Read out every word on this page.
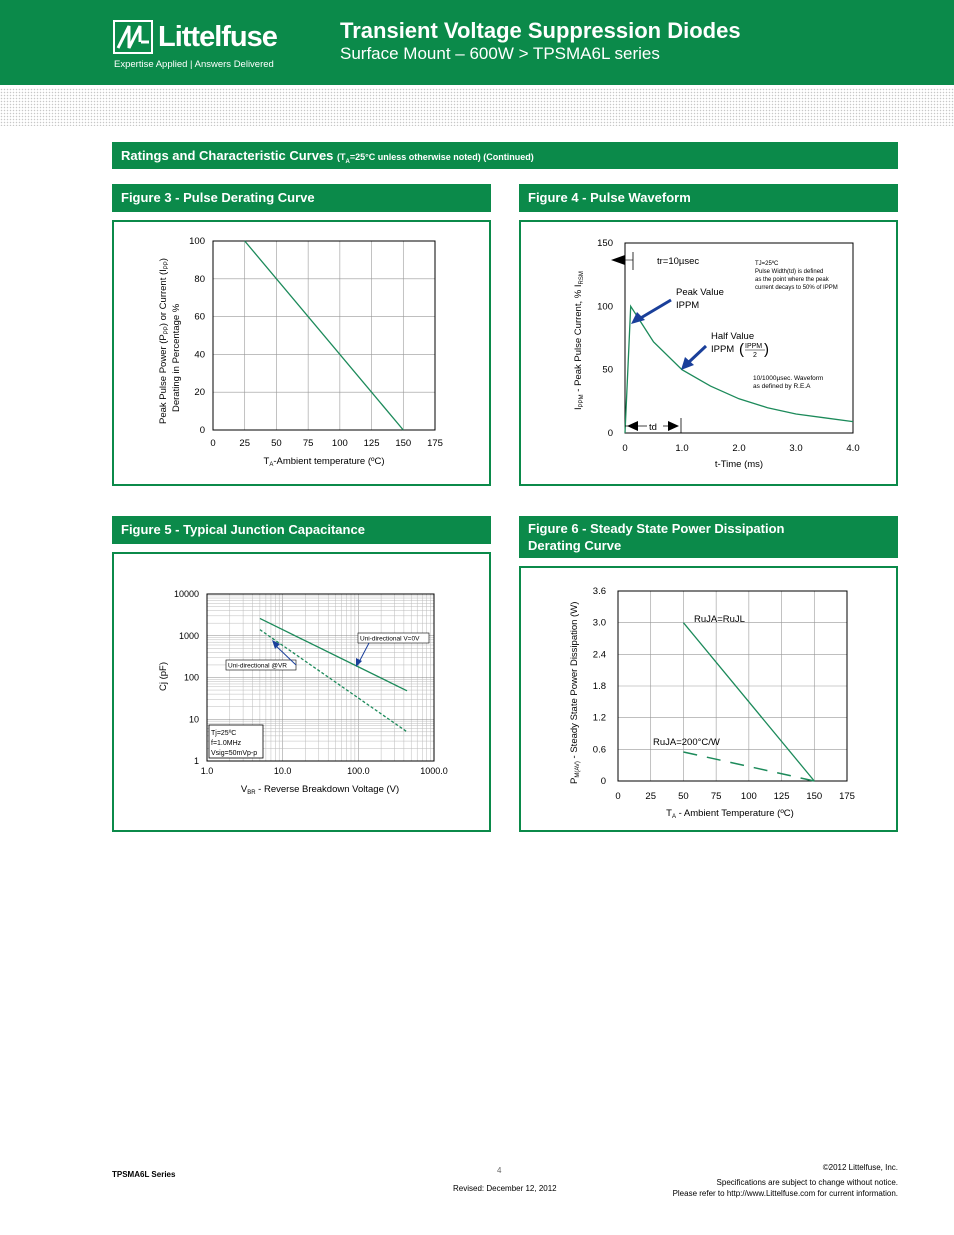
Littelfuse
Expertise Applied | Answers Delivered
Transient Voltage Suppression Diodes
Surface Mount – 600W > TPSMA6L series
Ratings and Characteristic Curves ($T_A=25^\circ C$ unless otherwise noted) (Continued)
Figure 3 - Pulse Derating Curve	Figure 4 - Pulse Waveform
Figure 5 - Typical Junction Capacitance	Figure 6 - Steady State Power Dissipation Derating Curve
0	25 50 75 100 125 150 175
0
20
40
60
80
100
$T_A$-Ambient temperature (ºC)
Peak Pulse Power $(P_{PP})$ or Current $(I_{PP})$
Derating in Percentage %
0	1.0	2.0	3.0	4.0
0
50
100
150
tr=10µsec
Peak Value
IPPM
Half Value
IPPM ( IPPM
2 )
TJ=25ºC
Pulse Width(td) is defined
as the point where the peak
current decays to 50% of IPPM
10/1000µsec. Waveform
as defined by R.E.A
td
t-Time (ms)
$I_{PPM}$ - Peak Pulse Current, % $I_{RSM}$
1.0	10.0	100.0	1000.0
1
10
100
1000
10000
Uni-directional V=0V
Uni-directional @VR
Tj=25ºC
f=1.0MHz
Vsig=50mVp-p
$V_{BR}$ - Reverse Breakdown Voltage (V)
Cj (pF)
0	25 50 75 100 125 150 175
0
0.6
1.2
1.8
2.4
3.0
3.6
RuJA=RuJL
RuJA=200°C/W
$T_A$ - Ambient Temperature (ºC)
$P_{M(AV)}$ - Steady State Power Dissipation (W)
TPSMA6L Series	4
Revised: December 12, 2012
©2012 Littelfuse, Inc.
Specifications are subject to change without notice.
Please refer to http://www.Littelfuse.com for current information.
